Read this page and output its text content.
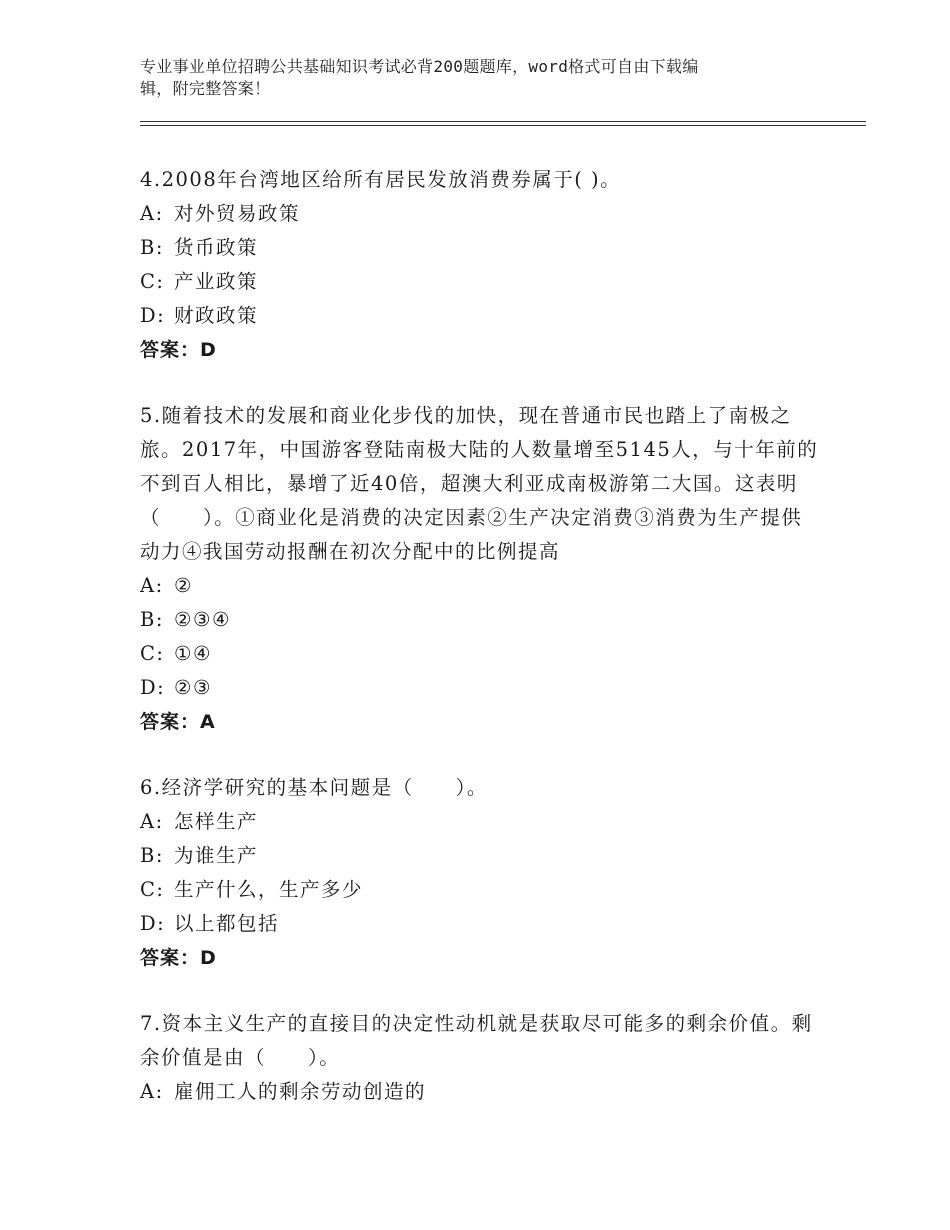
专业事业单位招聘公共基础知识考试必背200题题库，word格式可自由下载编
辑，附完整答案！

4.2008年台湾地区给所有居民发放消费券属于( )。

A: 对外贸易政策

B: 货币政策

C: 产业政策

D: 财政政策

答案：D

5.随着技术的发展和商业化步伐的加快，现在普通市民也踏上了南极之旅。2017年，中国游客登陆南极大陆的人数量增至5145人，与十年前的不到百人相比，暴增了近40倍，超澳大利亚成南极游第二大国。这表明（　　）。①商业化是消费的决定因素②生产决定消费③消费为生产提供动力④我国劳动报酬在初次分配中的比例提高

A: ②

B: ②③④

C: ①④

D: ②③

答案：A

6.经济学研究的基本问题是（　　）。

A: 怎样生产

B: 为谁生产

C: 生产什么，生产多少

D: 以上都包括

答案：D

7.资本主义生产的直接目的决定性动机就是获取尽可能多的剩余价值。剩余价值是由（　　）。

A: 雇佣工人的剩余劳动创造的
